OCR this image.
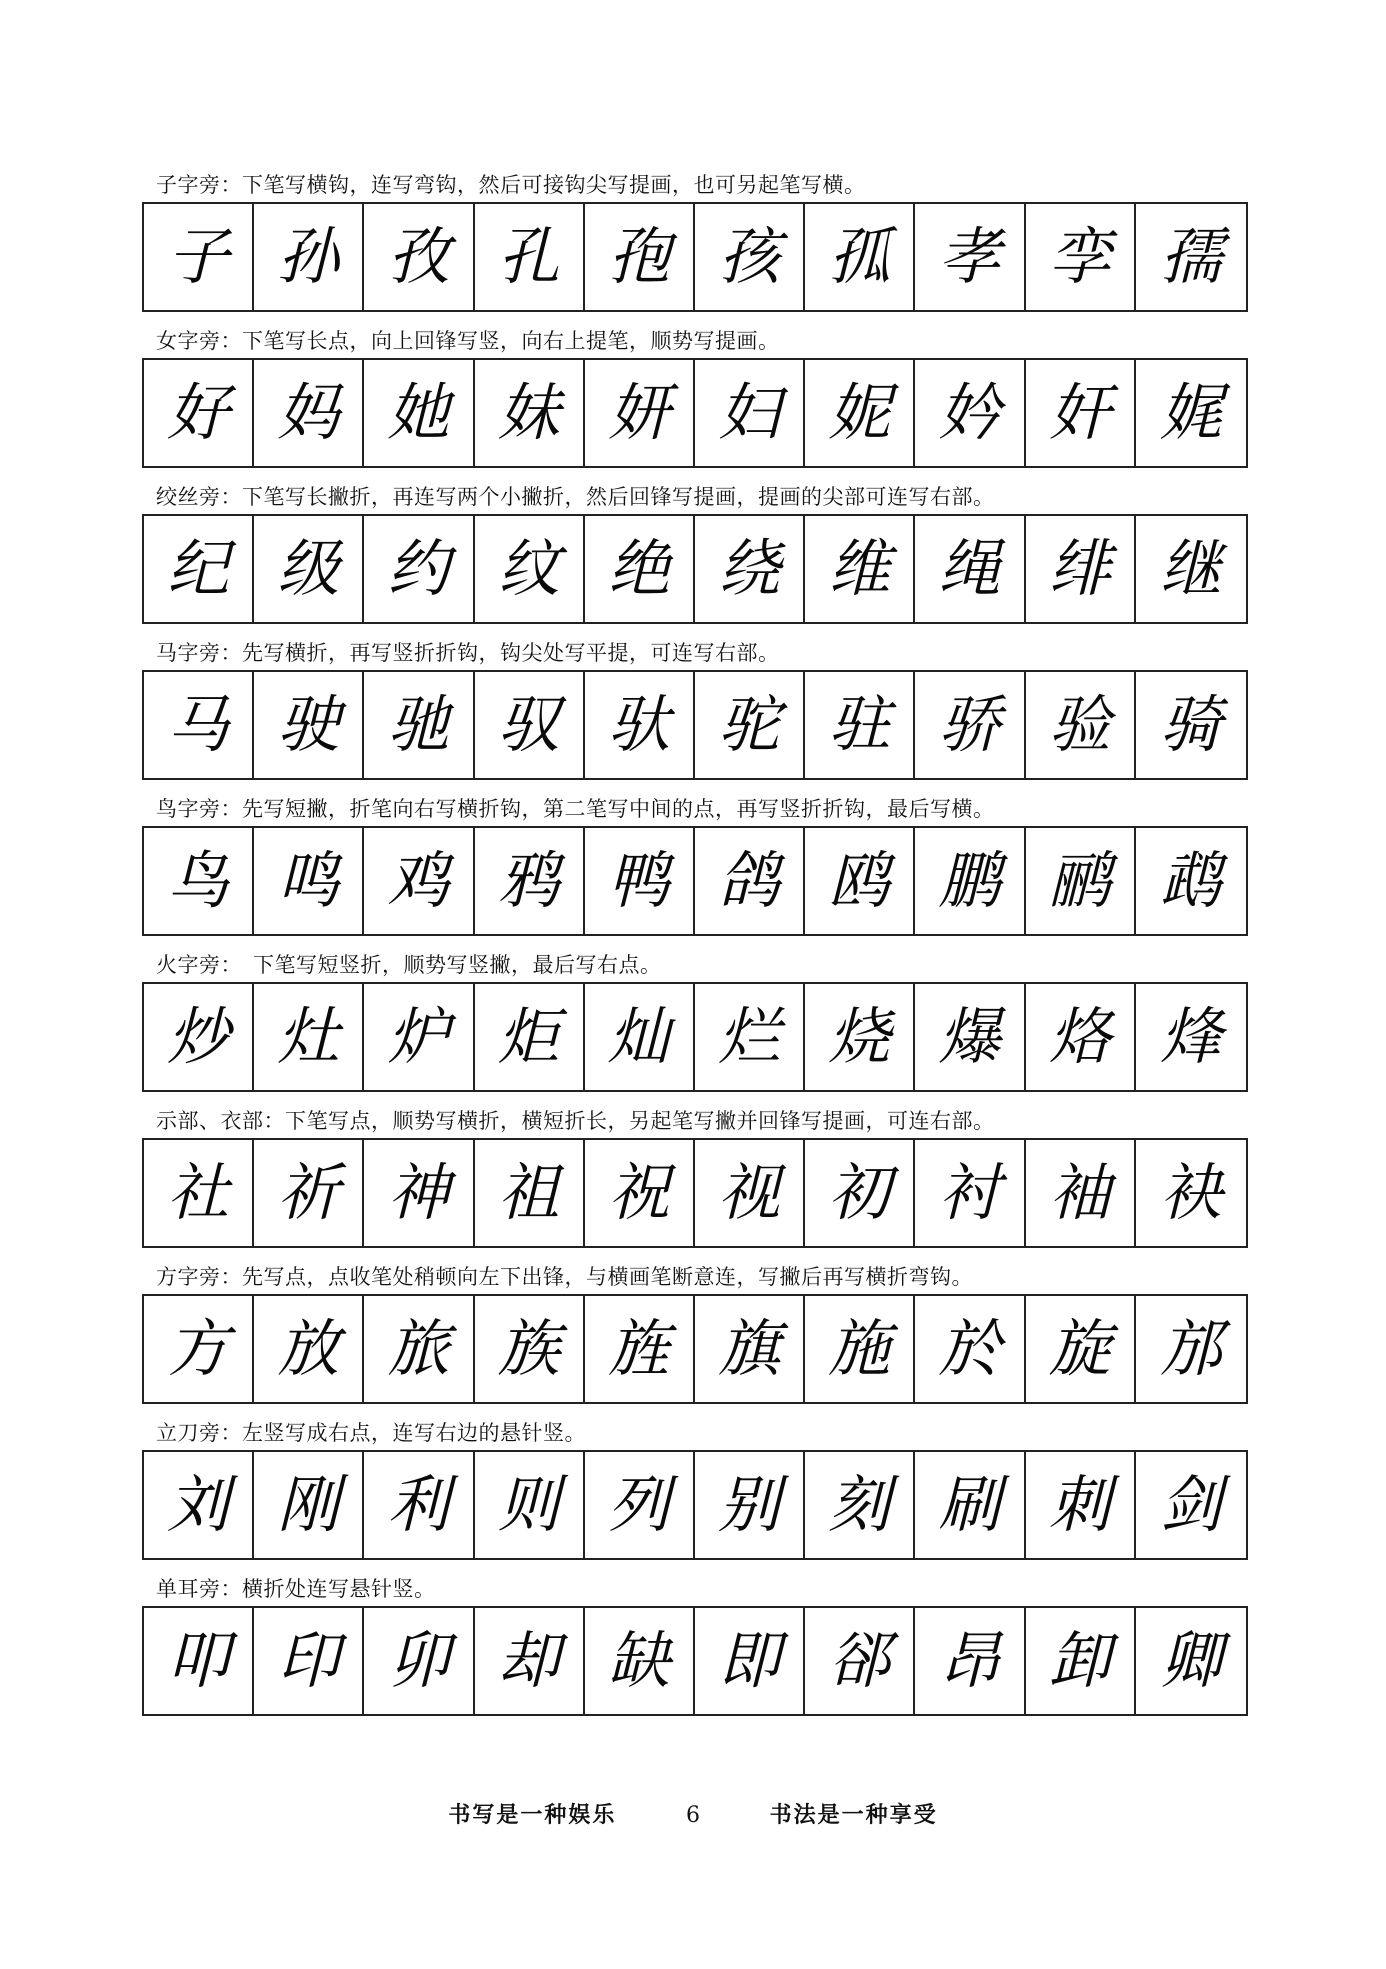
子字旁：下笔写横钩，连写弯钩，然后可接钩尖写提画，也可另起笔写横。
子 孙 孜 孔 孢 孩 孤 孝 孪 孺
女字旁：下笔写长点，向上回锋写竖，向右上提笔，顺势写提画。
好 妈 她 妹 妍 妇 妮 妗 奸 娓
绞丝旁：下笔写长撇折，再连写两个小撇折，然后回锋写提画，提画的尖部可连写右部。
纪 级 约 纹 绝 绕 维 绳 绯 继
马字旁：先写横折，再写竖折折钩，钩尖处写平提，可连写右部。
马 驶 驰 驭 驮 驼 驻 骄 验 骑
鸟字旁：先写短撇，折笔向右写横折钩，第二笔写中间的点，再写竖折折钩，最后写横。
鸟 鸣 鸡 鸦 鸭 鸽 鸥 鹏 鹂 鹉
火字旁：　下笔写短竖折，顺势写竖撇，最后写右点。
炒 灶 炉 炬 灿 烂 烧 爆 烙 烽
示部、衣部：下笔写点，顺势写横折，横短折长，另起笔写撇并回锋写提画，可连右部。
社 祈 神 祖 祝 视 初 衬 袖 袂
方字旁：先写点，点收笔处稍顿向左下出锋，与横画笔断意连，写撇后再写横折弯钩。
方 放 旅 族 旌 旗 施 於 旋 邡
立刀旁：左竖写成右点，连写右边的悬针竖。
刘 刚 利 则 列 别 刻 刷 刺 剑
单耳旁：横折处连写悬针竖。
叩 印 卯 却 缺 即 郤 昂 卸 卿
书写是一种娱乐	6	书法是一种享受
